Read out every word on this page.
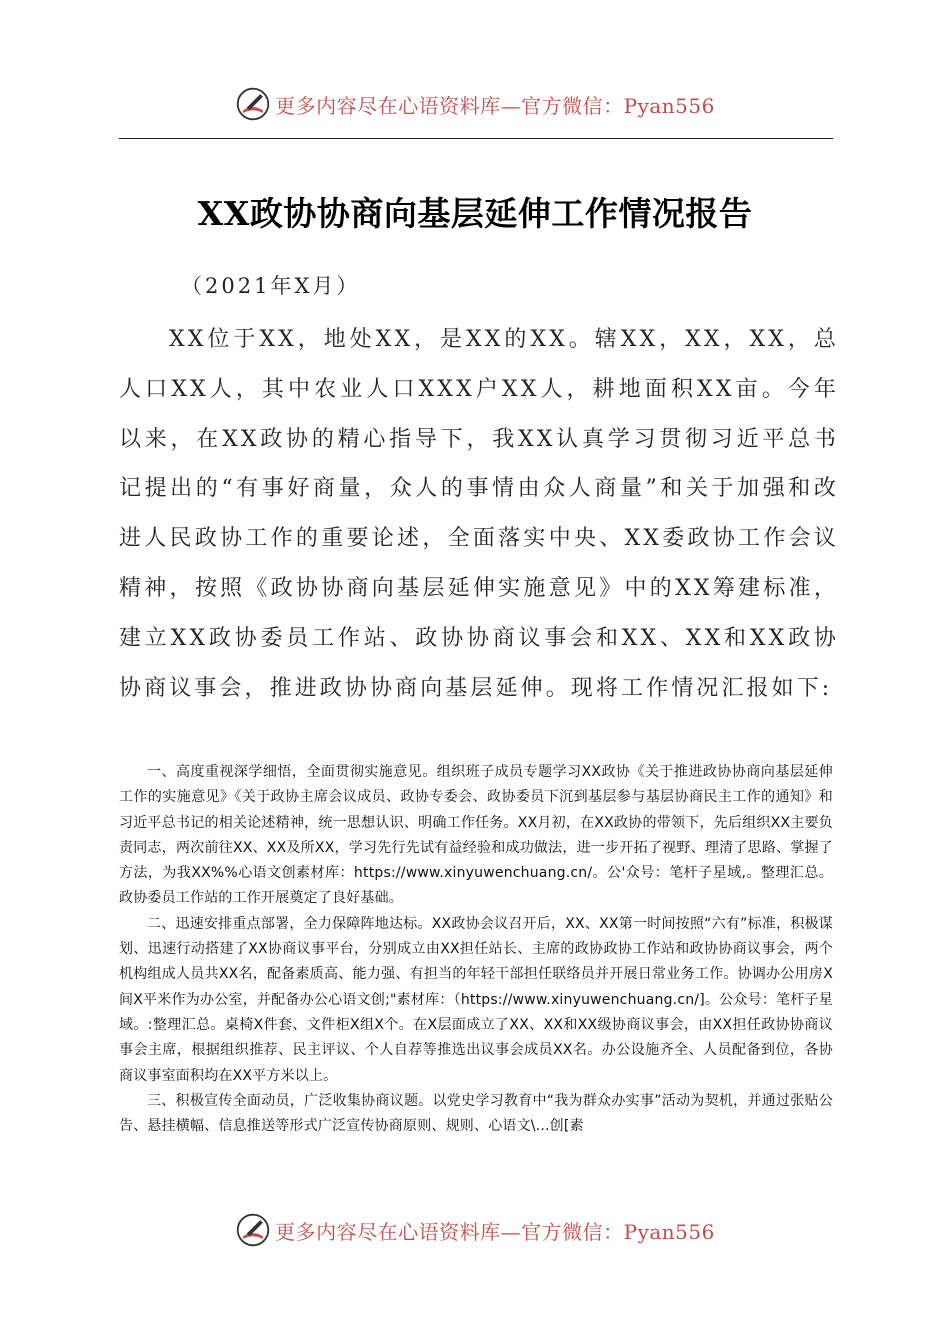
更多内容尽在心语资料库—官方微信：Pyan556
XX政协协商向基层延伸工作情况报告
（2021年X月）

XX位于XX，地处XX，是XX的XX。辖XX，XX，XX，总人口XX人，其中农业人口XXX户XX人，耕地面积XX亩。今年以来，在XX政协的精心指导下，我XX认真学习贯彻习近平总书记提出的“有事好商量，众人的事情由众人商量”和关于加强和改进人民政协工作的重要论述，全面落实中央、XX委政协工作会议精神，按照《政协协商向基层延伸实施意见》中的XX筹建标准，建立XX政协委员工作站、政协协商议事会和XX、XX和XX政协协商议事会，推进政协协商向基层延伸。现将工作情况汇报如下:

一、高度重视深学细悟，全面贯彻实施意见。组织班子成员专题学习XX政协《关于推进政协协商向基层延伸工作的实施意见》《关于政协主席会议成员、政协专委会、政协委员下沉到基层参与基层协商民主工作的通知》和习近平总书记的相关论述精神，统一思想认识、明确工作任务。XX月初，在XX政协的带领下，先后组织XX主要负责同志，两次前往XX、XX及所XX，学习先行先试有益经验和成功做法，进一步开拓了视野、理清了思路、掌握了方法，为我XX%%心语文创素材库：https://www.xinyuwenchuang.cn/。公'众号：笔杆子星域,。整理汇总。政协委员工作站的工作开展奠定了良好基础。

二、迅速安排重点部署，全力保障阵地达标。XX政协会议召开后，XX、XX第一时间按照“六有”标准，积极谋划、迅速行动搭建了XX协商议事平台，分别成立由XX担任站长、主席的政协政协工作站和政协协商议事会，两个机构组成人员共XX名，配备素质高、能力强、有担当的年轻干部担任联络员并开展日常业务工作。协调办公用房X间X平米作为办公室，并配备办公心语文创;"素材库：（https://www.xinyuwenchuang.cn/]。公众号：笔杆子星域。:整理汇总。桌椅X件套、文件柜X组X个。在X层面成立了XX、XX和XX级协商议事会，由XX担任政协协商议事会主席，根据组织推荐、民主评议、个人自荐等推选出议事会成员XX名。办公设施齐全、人员配备到位，各协商议事室面积均在XX平方米以上。

三、积极宣传全面动员，广泛收集协商议题。以党史学习教育中“我为群众办实事”活动为契机，并通过张贴公告、悬挂横幅、信息推送等形式广泛宣传协商原则、规则、心语文\...创[素

更多内容尽在心语资料库—官方微信：Pyan556
